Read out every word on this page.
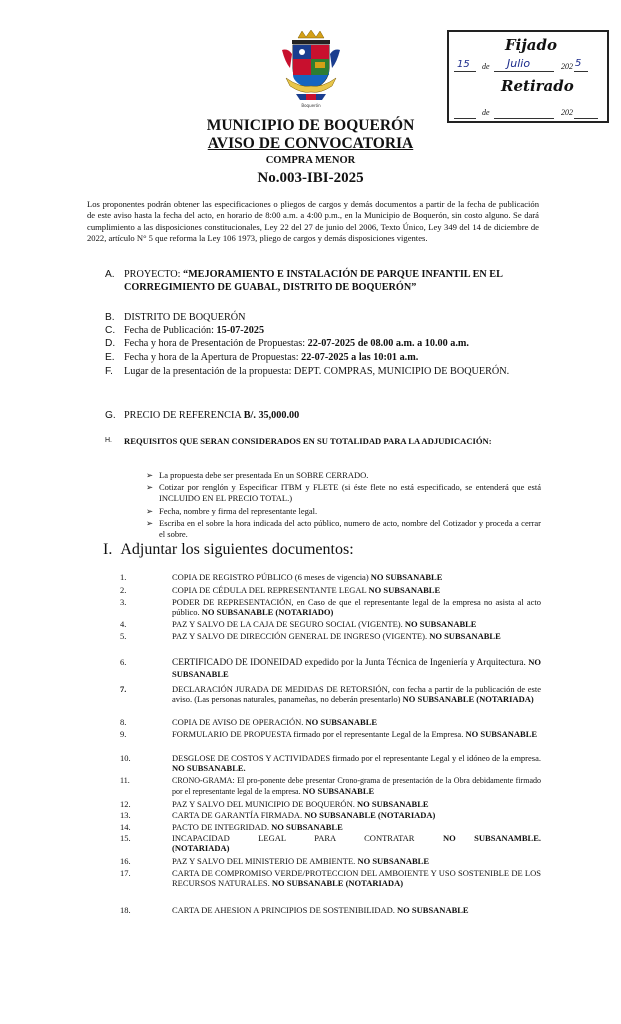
Fijado
15 de Julio	202 5
Retirado
de	202
Boquerón
MUNICIPIO DE BOQUERÓN
AVISO DE CONVOCATORIA
COMPRA MENOR
No.003-IBI-2025
Los proponentes podrán obtener las especificaciones o pliegos de cargos y demás documentos a partir de la fecha de publicación de este aviso hasta la fecha del acto, en horario de 8:00 a.m. a 4:00 p.m., en la Municipio de Boquerón, sin costo alguno. Se dará cumplimiento a las disposiciones constitucionales, Ley 22 del 27 de junio del 2006, Texto Único, Ley 349 del 14 de diciembre de 2022, artículo N° 5 que reforma la Ley 106 1973, pliego de cargos y demás disposiciones vigentes.
A. PROYECTO: “MEJORAMIENTO E INSTALACIÓN DE PARQUE INFANTIL EN EL CORREGIMIENTO DE GUABAL, DISTRITO DE BOQUERÓN”
B. DISTRITO DE BOQUERÓN
C. Fecha de Publicación: 15-07-2025
D. Fecha y hora de Presentación de Propuestas: 22-07-2025 de 08.00 a.m. a 10.00 a.m.
E. Fecha y hora de la Apertura de Propuestas: 22-07-2025 a las 10:01 a.m.
F. Lugar de la presentación de la propuesta: DEPT. COMPRAS, MUNICIPIO DE BOQUERÓN.
G. PRECIO DE REFERENCIA B/. 35,000.00
H. REQUISITOS QUE SERAN CONSIDERADOS EN SU TOTALIDAD PARA LA ADJUDICACIÓN:
➢ La propuesta debe ser presentada En un SOBRE CERRADO.
➢ Cotizar por renglón y Especificar ITBM y FLETE (si éste flete no está especificado, se entenderá que está INCLUIDO EN EL PRECIO TOTAL.)
➢ Fecha, nombre y firma del representante legal.
➢ Escriba en el sobre la hora indicada del acto público, numero de acto, nombre del Cotizador y proceda a cerrar el sobre.
I. Adjuntar los siguientes documentos:
1.	COPIA DE REGISTRO PÚBLICO (6 meses de vigencia) NO SUBSANABLE
2.	COPIA DE CÉDULA DEL REPRESENTANTE LEGAL NO SUBSANABLE
3.	PODER DE REPRESENTACIÓN, en Caso de que el representante legal de la empresa no asista al acto público. NO SUBSANABLE (NOTARIADO)
4.	PAZ Y SALVO DE LA CAJA DE SEGURO SOCIAL (VIGENTE). NO SUBSANABLE
5.	PAZ Y SALVO DE DIRECCIÓN GENERAL DE INGRESO (VIGENTE). NO SUBSANABLE
6.	CERTIFICADO DE IDONEIDAD expedido por la Junta Técnica de Ingeniería y Arquitectura. NO SUBSANABLE
7.	DECLARACIÓN JURADA DE MEDIDAS DE RETORSIÓN, con fecha a partir de la publicación de este aviso. (Las personas naturales, panameñas, no deberán presentarlo) NO SUBSANABLE (NOTARIADA)
8.	COPIA DE AVISO DE OPERACIÓN. NO SUBSANABLE
9.	FORMULARIO DE PROPUESTA firmado por el representante Legal de la Empresa. NO SUBSANABLE
10.	DESGLOSE DE COSTOS Y ACTIVIDADES firmado por el representante Legal y el idóneo de la empresa. NO SUBSANABLE.
11.	CRONO-GRAMA: El pro-ponente debe presentar Crono-grama de presentación de la Obra debidamente firmado por el representante legal de la empresa. NO SUBSANABLE
12.	PAZ Y SALVO DEL MUNICIPIO DE BOQUERÓN. NO SUBSANABLE
13.	CARTA DE GARANTÍA FIRMADA. NO SUBSANABLE (NOTARIADA)
14.	PACTO DE INTEGRIDAD. NO SUBSANABLE
15.	INCAPACIDAD LEGAL PARA CONTRATAR NO SUBSANAMBLE. (NOTARIADA)
16.	PAZ Y SALVO DEL MINISTERIO DE AMBIENTE. NO SUBSANABLE
17.	CARTA DE COMPROMISO VERDE/PROTECCION DEL AMBOIENTE Y USO SOSTENIBLE DE LOS RECURSOS NATURALES. NO SUBSANABLE (NOTARIADA)
18.	CARTA DE AHESION A PRINCIPIOS DE SOSTENIBILIDAD. NO SUBSANABLE
